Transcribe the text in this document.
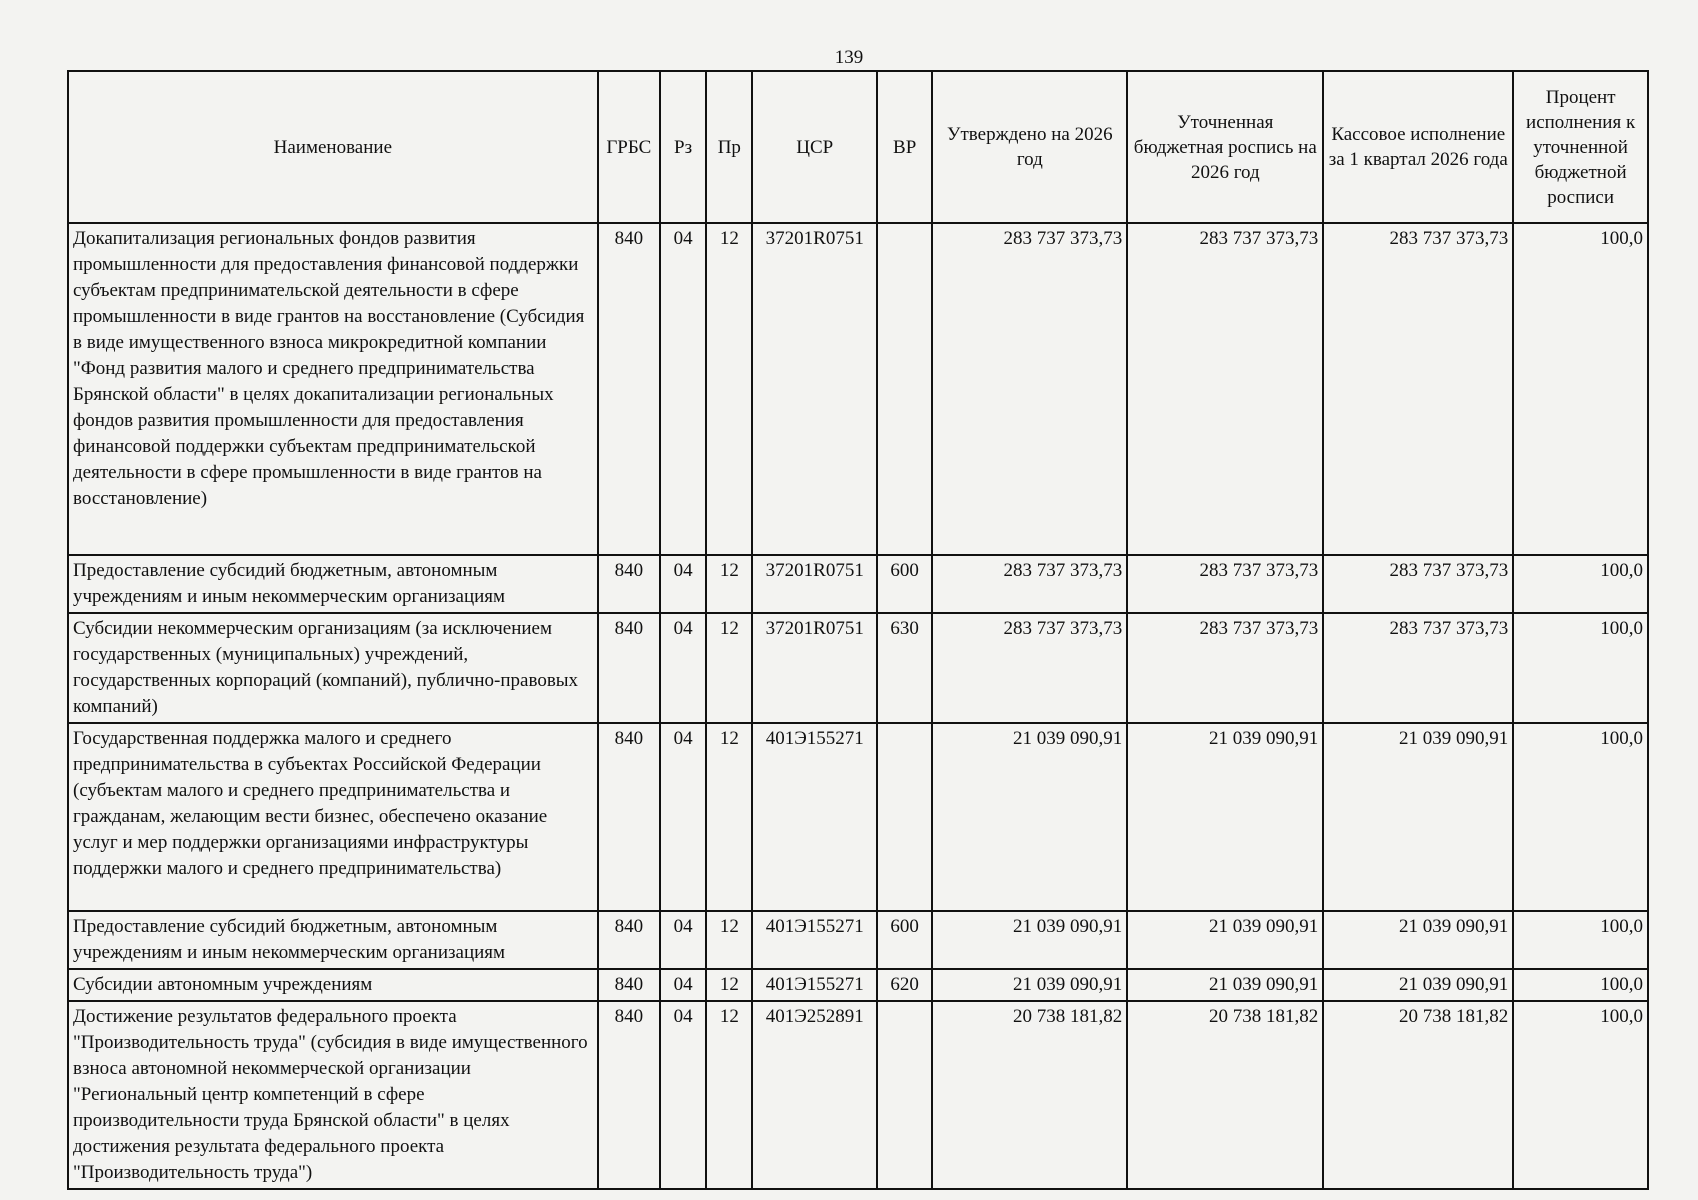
139
Наименование	ГРБС	Рз	Пр	ЦСР	ВР	Утверждено на 2026 год	Уточненная бюджетная роспись на 2026 год	Кассовое исполнение за 1 квартал 2026 года	Процент исполнения к уточненной бюджетной росписи
Докапитализация региональных фондов развития промышленности для предоставления финансовой поддержки субъектам предпринимательской деятельности в сфере промышленности в виде грантов на восстановление (Субсидия в виде имущественного взноса микрокредитной компании "Фонд развития малого и среднего предпринимательства Брянской области" в целях докапитализации региональных фондов развития промышленности для предоставления финансовой поддержки субъектам предпринимательской деятельности в сфере промышленности в виде грантов на восстановление)	840	04	12	37201R0751		283 737 373,73	283 737 373,73	283 737 373,73	100,0
Предоставление субсидий бюджетным, автономным учреждениям и иным некоммерческим организациям	840	04	12	37201R0751	600	283 737 373,73	283 737 373,73	283 737 373,73	100,0
Субсидии некоммерческим организациям (за исключением государственных (муниципальных) учреждений, государственных корпораций (компаний), публично-правовых компаний)	840	04	12	37201R0751	630	283 737 373,73	283 737 373,73	283 737 373,73	100,0
Государственная поддержка малого и среднего предпринимательства в субъектах Российской Федерации (субъектам малого и среднего предпринимательства и гражданам, желающим вести бизнес, обеспечено оказание услуг и мер поддержки организациями инфраструктуры поддержки малого и среднего предпринимательства)	840	04	12	401Э155271		21 039 090,91	21 039 090,91	21 039 090,91	100,0
Предоставление субсидий бюджетным, автономным учреждениям и иным некоммерческим организациям	840	04	12	401Э155271	600	21 039 090,91	21 039 090,91	21 039 090,91	100,0
Субсидии автономным учреждениям	840	04	12	401Э155271	620	21 039 090,91	21 039 090,91	21 039 090,91	100,0
Достижение результатов федерального проекта "Производительность труда" (субсидия в виде имущественного взноса автономной некоммерческой организации "Региональный центр компетенций в сфере производительности труда Брянской области" в целях достижения результата федерального проекта "Производительность труда")	840	04	12	401Э252891		20 738 181,82	20 738 181,82	20 738 181,82	100,0
